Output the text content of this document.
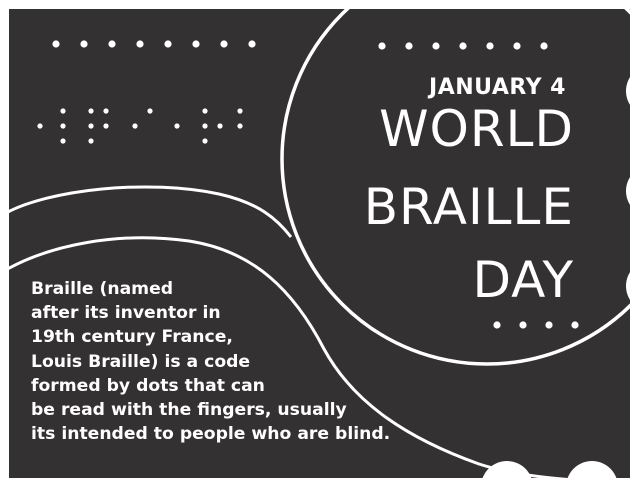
JANUARY 4
WORLD
BRAILLE
DAY
Braille (named
after its inventor in
19th century France,
Louis Braille) is a code
formed by dots that can
be read with the fingers, usually
its intended to people who are blind.
